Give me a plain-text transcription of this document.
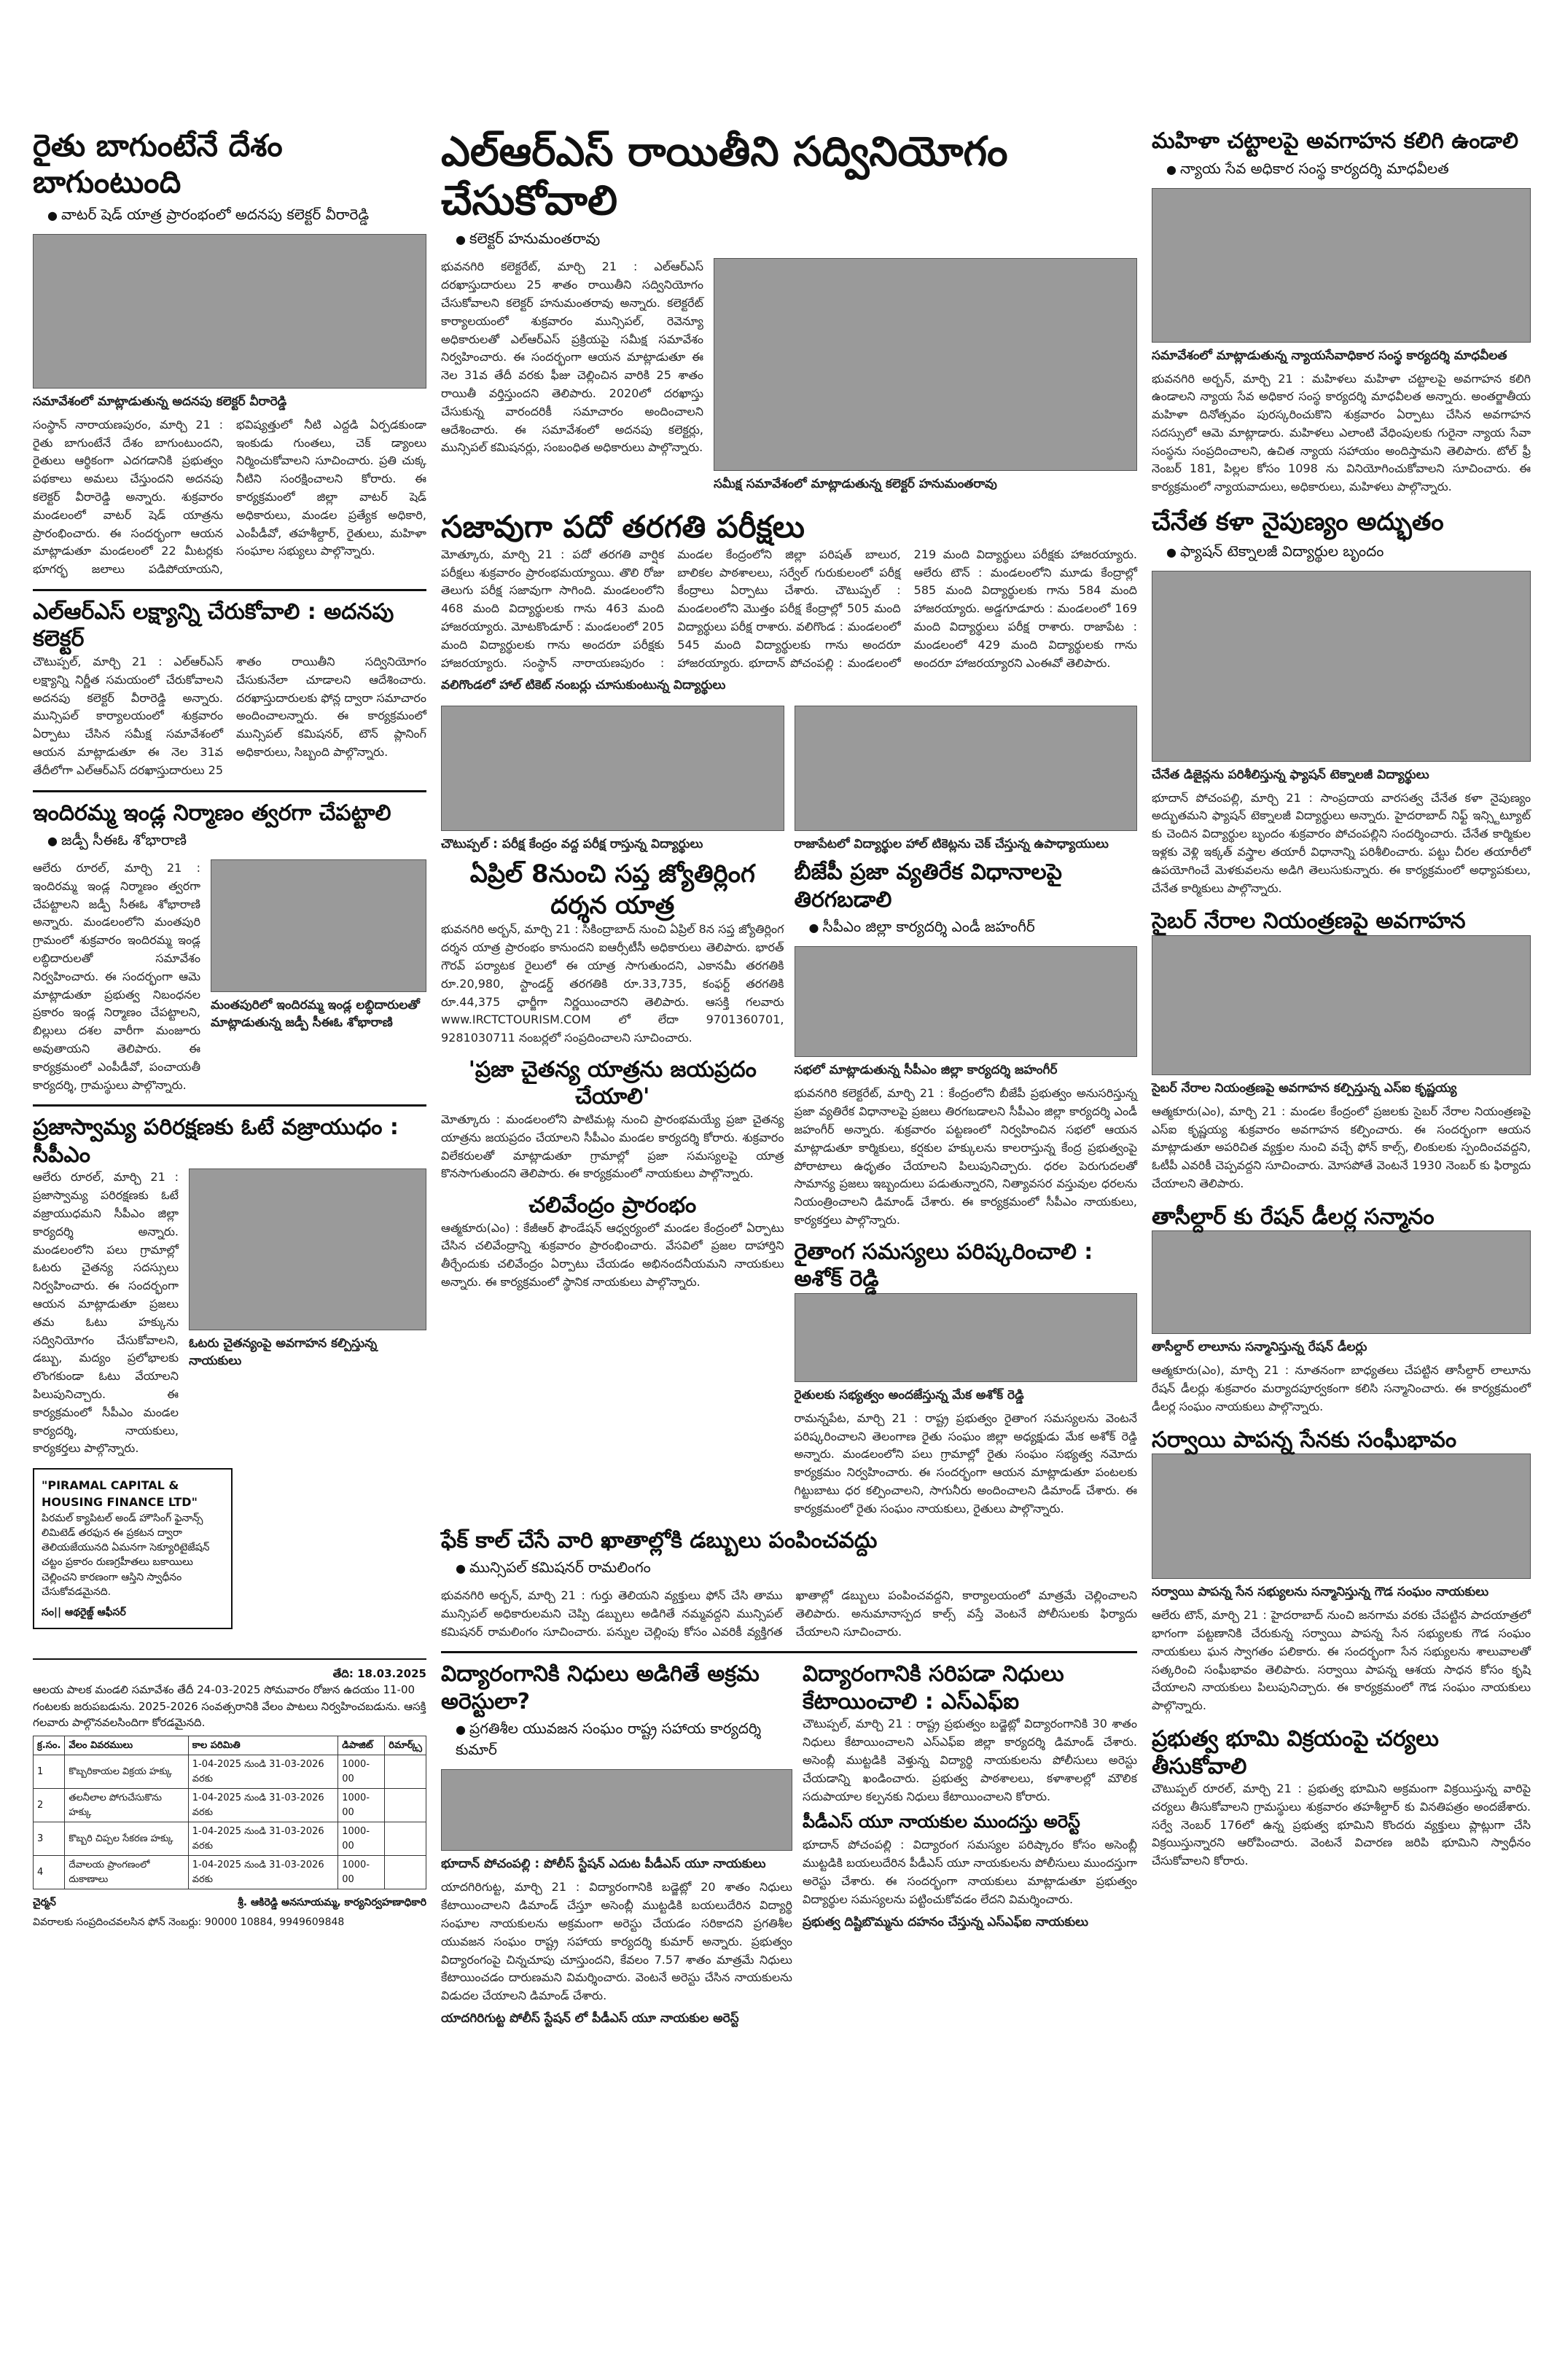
రైతు బాగుంటేనే దేశం బాగుంటుంది
● వాటర్ షెడ్ యాత్ర ప్రారంభంలో అదనపు కలెక్టర్ వీరారెడ్డి
సమావేశంలో మాట్లాడుతున్న అదనపు కలెక్టర్ వీరారెడ్డి
సంస్థాన్ నారాయణపురం, మార్చి 21 : రైతు బాగుంటేనే దేశం బాగుంటుందని, రైతులు ఆర్థికంగా ఎదగడానికి ప్రభుత్వం పథకాలు అమలు చేస్తుందని అదనపు కలెక్టర్ వీరారెడ్డి అన్నారు. శుక్రవారం మండలంలో వాటర్ షెడ్ యాత్రను ప్రారంభించారు. ఈ సందర్భంగా ఆయన మాట్లాడుతూ మండలంలో 22 మీటర్లకు భూగర్భ జలాలు పడిపోయాయని, భవిష్యత్తులో నీటి ఎద్దడి ఏర్పడకుండా ఇంకుడు గుంతలు, చెక్ డ్యాంలు నిర్మించుకోవాలని సూచించారు. ప్రతి చుక్క నీటిని సంరక్షించాలని కోరారు. ఈ కార్యక్రమంలో జిల్లా వాటర్ షెడ్ అధికారులు, మండల ప్రత్యేక అధికారి, ఎంపీడీవో, తహశీల్దార్, రైతులు, మహిళా సంఘాల సభ్యులు పాల్గొన్నారు.
ఎల్ఆర్ఎస్ లక్ష్యాన్ని చేరుకోవాలి : అదనపు కలెక్టర్
చౌటుప్పల్, మార్చి 21 : ఎల్ఆర్ఎస్ లక్ష్యాన్ని నిర్ణీత సమయంలో చేరుకోవాలని అదనపు కలెక్టర్ వీరారెడ్డి అన్నారు. మున్సిపల్ కార్యాలయంలో శుక్రవారం ఏర్పాటు చేసిన సమీక్ష సమావేశంలో ఆయన మాట్లాడుతూ ఈ నెల 31వ తేదీలోగా ఎల్ఆర్ఎస్ దరఖాస్తుదారులు 25 శాతం రాయితీని సద్వినియోగం చేసుకునేలా చూడాలని ఆదేశించారు. దరఖాస్తుదారులకు ఫోన్ల ద్వారా సమాచారం అందించాలన్నారు. ఈ కార్యక్రమంలో మున్సిపల్ కమిషనర్, టౌన్ ప్లానింగ్ అధికారులు, సిబ్బంది పాల్గొన్నారు.
ఇందిరమ్మ ఇండ్ల నిర్మాణం త్వరగా చేపట్టాలి
● జడ్పీ సీఈఓ శోభారాణి
ఆలేరు రూరల్, మార్చి 21 : ఇందిరమ్మ ఇండ్ల నిర్మాణం త్వరగా చేపట్టాలని జడ్పీ సీఈఓ శోభారాణి అన్నారు. మండలంలోని మంతపురి గ్రామంలో శుక్రవారం ఇందిరమ్మ ఇండ్ల లబ్ధిదారులతో సమావేశం నిర్వహించారు. ఈ సందర్భంగా ఆమె మాట్లాడుతూ ప్రభుత్వ నిబంధనల ప్రకారం ఇండ్ల నిర్మాణం చేపట్టాలని, బిల్లులు దశల వారీగా మంజూరు అవుతాయని తెలిపారు. ఈ కార్యక్రమంలో ఎంపీడీవో, పంచాయతీ కార్యదర్శి, గ్రామస్థులు పాల్గొన్నారు.
మంతపురిలో ఇందిరమ్మ ఇండ్ల లబ్ధిదారులతో మాట్లాడుతున్న జడ్పీ సీఈఓ శోభారాణి
ప్రజాస్వామ్య పరిరక్షణకు ఓటే వజ్రాయుధం : సీపీఎం
ఆలేరు రూరల్, మార్చి 21 : ప్రజాస్వామ్య పరిరక్షణకు ఓటే వజ్రాయుధమని సీపీఎం జిల్లా కార్యదర్శి అన్నారు. మండలంలోని పలు గ్రామాల్లో ఓటరు చైతన్య సదస్సులు నిర్వహించారు. ఈ సందర్భంగా ఆయన మాట్లాడుతూ ప్రజలు తమ ఓటు హక్కును సద్వినియోగం చేసుకోవాలని, డబ్బు, మద్యం ప్రలోభాలకు లొంగకుండా ఓటు వేయాలని పిలుపునిచ్చారు. ఈ కార్యక్రమంలో సీపీఎం మండల కార్యదర్శి, నాయకులు, కార్యకర్తలు పాల్గొన్నారు.
ఓటరు చైతన్యంపై అవగాహన కల్పిస్తున్న నాయకులు
"PIRAMAL CAPITAL & HOUSING FINANCE LTD"
పిరమల్ క్యాపిటల్ అండ్ హౌసింగ్ ఫైనాన్స్ లిమిటెడ్ తరఫున ఈ ప్రకటన ద్వారా తెలియజేయునది ఏమనగా సెక్యూరిటైజేషన్ చట్టం ప్రకారం రుణగ్రహీతలు బకాయిలు చెల్లించని కారణంగా ఆస్తిని స్వాధీనం చేసుకోవడమైనది.
సం|| ఆథరైజ్డ్ ఆఫీసర్
తేది: 18.03.2025
ఆలయ పాలక మండలి సమావేశం తేదీ 24-03-2025 సోమవారం రోజున ఉదయం 11-00 గంటలకు జరుపబడును. 2025-2026 సంవత్సరానికి వేలం పాటలు నిర్వహించబడును. ఆసక్తి గలవారు పాల్గొనవలసిందిగా కోరడమైనది.
క్ర.సం.	వేలం వివరములు	కాల పరిమితి	డిపాజిట్	రిమార్క్స్
1	కొబ్బరికాయల విక్రయ హక్కు	1-04-2025 నుండి 31-03-2026 వరకు	1000-00	
2	తలనీలాల పోగుచేసుకొను హక్కు	1-04-2025 నుండి 31-03-2026 వరకు	1000-00	
3	కొబ్బరి చిప్పల సేకరణ హక్కు	1-04-2025 నుండి 31-03-2026 వరకు	1000-00	
4	దేవాలయ ప్రాంగణంలో దుకాణాలు	1-04-2025 నుండి 31-03-2026 వరకు	1000-00	
చైర్మన్	శ్రీ. ఆకిరెడ్డి అనసూయమ్మ, కార్యనిర్వహణాధికారి
వివరాలకు సంప్రదించవలసిన ఫోన్ నెంబర్లు: 90000 10884, 9949609848
ఎల్ఆర్ఎస్ రాయితీని సద్వినియోగం చేసుకోవాలి
● కలెక్టర్ హనుమంతరావు
భువనగిరి కలెక్టరేట్, మార్చి 21 : ఎల్ఆర్ఎస్ దరఖాస్తుదారులు 25 శాతం రాయితీని సద్వినియోగం చేసుకోవాలని కలెక్టర్ హనుమంతరావు అన్నారు. కలెక్టరేట్ కార్యాలయంలో శుక్రవారం మున్సిపల్, రెవెన్యూ అధికారులతో ఎల్ఆర్ఎస్ ప్రక్రియపై సమీక్ష సమావేశం నిర్వహించారు. ఈ సందర్భంగా ఆయన మాట్లాడుతూ ఈ నెల 31వ తేదీ వరకు ఫీజు చెల్లించిన వారికి 25 శాతం రాయితీ వర్తిస్తుందని తెలిపారు. 2020లో దరఖాస్తు చేసుకున్న వారందరికీ సమాచారం అందించాలని ఆదేశించారు. ఈ సమావేశంలో అదనపు కలెక్టర్లు, మున్సిపల్ కమిషనర్లు, సంబంధిత అధికారులు పాల్గొన్నారు.
సమీక్ష సమావేశంలో మాట్లాడుతున్న కలెక్టర్ హనుమంతరావు
సజావుగా పదో తరగతి పరీక్షలు
మోత్కూరు, మార్చి 21 : పదో తరగతి వార్షిక పరీక్షలు శుక్రవారం ప్రారంభమయ్యాయి. తొలి రోజు తెలుగు పరీక్ష సజావుగా సాగింది. మండలంలోని 468 మంది విద్యార్థులకు గాను 463 మంది హాజరయ్యారు. మోటకొండూర్ : మండలంలో 205 మంది విద్యార్థులకు గాను అందరూ పరీక్షకు హాజరయ్యారు. సంస్థాన్ నారాయణపురం : మండల కేంద్రంలోని జిల్లా పరిషత్ బాలుర, బాలికల పాఠశాలలు, సర్వేల్ గురుకులంలో పరీక్ష కేంద్రాలు ఏర్పాటు చేశారు. చౌటుప్పల్ : మండలంలోని మొత్తం పరీక్ష కేంద్రాల్లో 505 మంది విద్యార్థులు పరీక్ష రాశారు. వలిగొండ : మండలంలో 545 మంది విద్యార్థులకు గాను అందరూ హాజరయ్యారు. భూదాన్ పోచంపల్లి : మండలంలో 219 మంది విద్యార్థులు పరీక్షకు హాజరయ్యారు. ఆలేరు టౌన్ : మండలంలోని మూడు కేంద్రాల్లో 585 మంది విద్యార్థులకు గాను 584 మంది హాజరయ్యారు. అడ్డగూడూరు : మండలంలో 169 మంది విద్యార్థులు పరీక్ష రాశారు. రాజాపేట : మండలంలో 429 మంది విద్యార్థులకు గాను అందరూ హాజరయ్యారని ఎంఈవో తెలిపారు.
వలిగొండలో హాల్ టికెట్ నంబర్లు చూసుకుంటున్న విద్యార్థులు
చౌటుప్పల్ : పరీక్ష కేంద్రం వద్ద పరీక్ష రాస్తున్న విద్యార్థులు	రాజాపేటలో విద్యార్థుల హాల్ టికెట్లను చెక్ చేస్తున్న ఉపాధ్యాయులు
ఏప్రిల్ 8నుంచి సప్త జ్యోతిర్లింగ దర్శన యాత్ర
భువనగిరి అర్బన్, మార్చి 21 : సికింద్రాబాద్ నుంచి ఏప్రిల్ 8న సప్త జ్యోతిర్లింగ దర్శన యాత్ర ప్రారంభం కానుందని ఐఆర్సీటీసీ అధికారులు తెలిపారు. భారత్ గౌరవ్ పర్యాటక రైలులో ఈ యాత్ర సాగుతుందని, ఎకానమీ తరగతికి రూ.20,980, స్టాండర్డ్ తరగతికి రూ.33,735, కంఫర్ట్ తరగతికి రూ.44,375 ఛార్జీగా నిర్ణయించారని తెలిపారు. ఆసక్తి గలవారు www.IRCTCTOURISM.COM లో లేదా 9701360701, 9281030711 నంబర్లలో సంప్రదించాలని సూచించారు.
'ప్రజా చైతన్య యాత్రను జయప్రదం చేయాలి'
మోత్కూరు : మండలంలోని పాటిమట్ల నుంచి ప్రారంభమయ్యే ప్రజా చైతన్య యాత్రను జయప్రదం చేయాలని సీపీఎం మండల కార్యదర్శి కోరారు. శుక్రవారం విలేకరులతో మాట్లాడుతూ గ్రామాల్లో ప్రజా సమస్యలపై యాత్ర కొనసాగుతుందని తెలిపారు. ఈ కార్యక్రమంలో నాయకులు పాల్గొన్నారు.
చలివేంద్రం ప్రారంభం
ఆత్మకూరు(ఎం) : కేజీఆర్ ఫౌండేషన్ ఆధ్వర్యంలో మండల కేంద్రంలో ఏర్పాటు చేసిన చలివేంద్రాన్ని శుక్రవారం ప్రారంభించారు. వేసవిలో ప్రజల దాహార్తిని తీర్చేందుకు చలివేంద్రం ఏర్పాటు చేయడం అభినందనీయమని నాయకులు అన్నారు. ఈ కార్యక్రమంలో స్థానిక నాయకులు పాల్గొన్నారు.
బీజేపీ ప్రజా వ్యతిరేక విధానాలపై తిరగబడాలి
● సీపీఎం జిల్లా కార్యదర్శి ఎండీ జహంగీర్
సభలో మాట్లాడుతున్న సీపీఎం జిల్లా కార్యదర్శి జహంగీర్
భువనగిరి కలెక్టరేట్, మార్చి 21 : కేంద్రంలోని బీజేపీ ప్రభుత్వం అనుసరిస్తున్న ప్రజా వ్యతిరేక విధానాలపై ప్రజలు తిరగబడాలని సీపీఎం జిల్లా కార్యదర్శి ఎండీ జహంగీర్ అన్నారు. శుక్రవారం పట్టణంలో నిర్వహించిన సభలో ఆయన మాట్లాడుతూ కార్మికులు, కర్షకుల హక్కులను కాలరాస్తున్న కేంద్ర ప్రభుత్వంపై పోరాటాలు ఉధృతం చేయాలని పిలుపునిచ్చారు. ధరల పెరుగుదలతో సామాన్య ప్రజలు ఇబ్బందులు పడుతున్నారని, నిత్యావసర వస్తువుల ధరలను నియంత్రించాలని డిమాండ్ చేశారు. ఈ కార్యక్రమంలో సీపీఎం నాయకులు, కార్యకర్తలు పాల్గొన్నారు.
రైతాంగ సమస్యలు పరిష్కరించాలి : అశోక్ రెడ్డి
రైతులకు సభ్యత్వం అందజేస్తున్న మేక అశోక్ రెడ్డి
రామన్నపేట, మార్చి 21 : రాష్ట్ర ప్రభుత్వం రైతాంగ సమస్యలను వెంటనే పరిష్కరించాలని తెలంగాణ రైతు సంఘం జిల్లా అధ్యక్షుడు మేక అశోక్ రెడ్డి అన్నారు. మండలంలోని పలు గ్రామాల్లో రైతు సంఘం సభ్యత్వ నమోదు కార్యక్రమం నిర్వహించారు. ఈ సందర్భంగా ఆయన మాట్లాడుతూ పంటలకు గిట్టుబాటు ధర కల్పించాలని, సాగునీరు అందించాలని డిమాండ్ చేశారు. ఈ కార్యక్రమంలో రైతు సంఘం నాయకులు, రైతులు పాల్గొన్నారు.
ఫేక్ కాల్ చేసే వారి ఖాతాల్లోకి డబ్బులు పంపించవద్దు
● మున్సిపల్ కమిషనర్ రామలింగం
భువనగిరి అర్బన్, మార్చి 21 : గుర్తు తెలియని వ్యక్తులు ఫోన్ చేసి తాము మున్సిపల్ అధికారులమని చెప్పి డబ్బులు అడిగితే నమ్మవద్దని మున్సిపల్ కమిషనర్ రామలింగం సూచించారు. పన్నుల చెల్లింపు కోసం ఎవరికీ వ్యక్తిగత ఖాతాల్లో డబ్బులు పంపించవద్దని, కార్యాలయంలో మాత్రమే చెల్లించాలని తెలిపారు. అనుమానాస్పద కాల్స్ వస్తే వెంటనే పోలీసులకు ఫిర్యాదు చేయాలని సూచించారు.
విద్యారంగానికి నిధులు అడిగితే అక్రమ అరెస్టులా?
● ప్రగతిశీల యువజన సంఘం రాష్ట్ర సహాయ కార్యదర్శి కుమార్
భూదాన్ పోచంపల్లి : పోలీస్ స్టేషన్ ఎదుట పీడీఎస్ యూ నాయకులు
యాదగిరిగుట్ట, మార్చి 21 : విద్యారంగానికి బడ్జెట్లో 20 శాతం నిధులు కేటాయించాలని డిమాండ్ చేస్తూ అసెంబ్లీ ముట్టడికి బయలుదేరిన విద్యార్థి సంఘాల నాయకులను అక్రమంగా అరెస్టు చేయడం సరికాదని ప్రగతిశీల యువజన సంఘం రాష్ట్ర సహాయ కార్యదర్శి కుమార్ అన్నారు. ప్రభుత్వం విద్యారంగంపై చిన్నచూపు చూస్తుందని, కేవలం 7.57 శాతం మాత్రమే నిధులు కేటాయించడం దారుణమని విమర్శించారు. వెంటనే అరెస్టు చేసిన నాయకులను విడుదల చేయాలని డిమాండ్ చేశారు.
యాదగిరిగుట్ట పోలీస్ స్టేషన్ లో పీడీఎస్ యూ నాయకుల అరెస్ట్
విద్యారంగానికి సరిపడా నిధులు కేటాయించాలి : ఎస్ఎఫ్ఐ
చౌటుప్పల్, మార్చి 21 : రాష్ట్ర ప్రభుత్వం బడ్జెట్లో విద్యారంగానికి 30 శాతం నిధులు కేటాయించాలని ఎస్ఎఫ్ఐ జిల్లా కార్యదర్శి డిమాండ్ చేశారు. అసెంబ్లీ ముట్టడికి వెళ్తున్న విద్యార్థి నాయకులను పోలీసులు అరెస్టు చేయడాన్ని ఖండించారు. ప్రభుత్వ పాఠశాలలు, కళాశాలల్లో మౌలిక సదుపాయాల కల్పనకు నిధులు కేటాయించాలని కోరారు.
పీడీఎస్ యూ నాయకుల ముందస్తు అరెస్ట్
భూదాన్ పోచంపల్లి : విద్యారంగ సమస్యల పరిష్కారం కోసం అసెంబ్లీ ముట్టడికి బయలుదేరిన పీడీఎస్ యూ నాయకులను పోలీసులు ముందస్తుగా అరెస్టు చేశారు. ఈ సందర్భంగా నాయకులు మాట్లాడుతూ ప్రభుత్వం విద్యార్థుల సమస్యలను పట్టించుకోవడం లేదని విమర్శించారు.
ప్రభుత్వ దిష్టిబొమ్మను దహనం చేస్తున్న ఎస్ఎఫ్ఐ నాయకులు
మహిళా చట్టాలపై అవగాహన కలిగి ఉండాలి
● న్యాయ సేవ అధికార సంస్థ కార్యదర్శి మాధవీలత
సమావేశంలో మాట్లాడుతున్న న్యాయసేవాధికార సంస్థ కార్యదర్శి మాధవీలత
భువనగిరి అర్బన్, మార్చి 21 : మహిళలు మహిళా చట్టాలపై అవగాహన కలిగి ఉండాలని న్యాయ సేవ అధికార సంస్థ కార్యదర్శి మాధవీలత అన్నారు. అంతర్జాతీయ మహిళా దినోత్సవం పురస్కరించుకొని శుక్రవారం ఏర్పాటు చేసిన అవగాహన సదస్సులో ఆమె మాట్లాడారు. మహిళలు ఎలాంటి వేధింపులకు గురైనా న్యాయ సేవా సంస్థను సంప్రదించాలని, ఉచిత న్యాయ సహాయం అందిస్తామని తెలిపారు. టోల్ ఫ్రీ నెంబర్ 181, పిల్లల కోసం 1098 ను వినియోగించుకోవాలని సూచించారు. ఈ కార్యక్రమంలో న్యాయవాదులు, అధికారులు, మహిళలు పాల్గొన్నారు.
చేనేత కళా నైపుణ్యం అద్భుతం
● ఫ్యాషన్ టెక్నాలజీ విద్యార్థుల బృందం
చేనేత డిజైన్లను పరిశీలిస్తున్న ఫ్యాషన్ టెక్నాలజీ విద్యార్థులు
భూదాన్ పోచంపల్లి, మార్చి 21 : సాంప్రదాయ వారసత్వ చేనేత కళా నైపుణ్యం అద్భుతమని ఫ్యాషన్ టెక్నాలజీ విద్యార్థులు అన్నారు. హైదరాబాద్ నిఫ్ట్ ఇన్స్టిట్యూట్ కు చెందిన విద్యార్థుల బృందం శుక్రవారం పోచంపల్లిని సందర్శించారు. చేనేత కార్మికుల ఇళ్లకు వెళ్లి ఇక్కత్ వస్త్రాల తయారీ విధానాన్ని పరిశీలించారు. పట్టు చీరల తయారీలో ఉపయోగించే మెళకువలను అడిగి తెలుసుకున్నారు. ఈ కార్యక్రమంలో అధ్యాపకులు, చేనేత కార్మికులు పాల్గొన్నారు.
సైబర్ నేరాల నియంత్రణపై అవగాహన
సైబర్ నేరాల నియంత్రణపై అవగాహన కల్పిస్తున్న ఎస్ఐ కృష్ణయ్య
ఆత్మకూరు(ఎం), మార్చి 21 : మండల కేంద్రంలో ప్రజలకు సైబర్ నేరాల నియంత్రణపై ఎస్ఐ కృష్ణయ్య శుక్రవారం అవగాహన కల్పించారు. ఈ సందర్భంగా ఆయన మాట్లాడుతూ అపరిచిత వ్యక్తుల నుంచి వచ్చే ఫోన్ కాల్స్, లింకులకు స్పందించవద్దని, ఓటీపీ ఎవరికీ చెప్పవద్దని సూచించారు. మోసపోతే వెంటనే 1930 నెంబర్ కు ఫిర్యాదు చేయాలని తెలిపారు.
తాసీల్దార్ కు రేషన్ డీలర్ల సన్మానం
తాసీల్దార్ లాలూను సన్మానిస్తున్న రేషన్ డీలర్లు
ఆత్మకూరు(ఎం), మార్చి 21 : నూతనంగా బాధ్యతలు చేపట్టిన తాసీల్దార్ లాలూను రేషన్ డీలర్లు శుక్రవారం మర్యాదపూర్వకంగా కలిసి సన్మానించారు. ఈ కార్యక్రమంలో డీలర్ల సంఘం నాయకులు పాల్గొన్నారు.
సర్వాయి పాపన్న సేనకు సంఘీభావం
సర్వాయి పాపన్న సేన సభ్యులను సన్మానిస్తున్న గౌడ సంఘం నాయకులు
ఆలేరు టౌన్, మార్చి 21 : హైదరాబాద్ నుంచి జనగామ వరకు చేపట్టిన పాదయాత్రలో భాగంగా పట్టణానికి చేరుకున్న సర్వాయి పాపన్న సేన సభ్యులకు గౌడ సంఘం నాయకులు ఘన స్వాగతం పలికారు. ఈ సందర్భంగా సేన సభ్యులను శాలువాలతో సత్కరించి సంఘీభావం తెలిపారు. సర్వాయి పాపన్న ఆశయ సాధన కోసం కృషి చేయాలని నాయకులు పిలుపునిచ్చారు. ఈ కార్యక్రమంలో గౌడ సంఘం నాయకులు పాల్గొన్నారు.
ప్రభుత్వ భూమి విక్రయంపై చర్యలు తీసుకోవాలి
చౌటుప్పల్ రూరల్, మార్చి 21 : ప్రభుత్వ భూమిని అక్రమంగా విక్రయిస్తున్న వారిపై చర్యలు తీసుకోవాలని గ్రామస్థులు శుక్రవారం తహశీల్దార్ కు వినతిపత్రం అందజేశారు. సర్వే నెంబర్ 176లో ఉన్న ప్రభుత్వ భూమిని కొందరు వ్యక్తులు ప్లాట్లుగా చేసి విక్రయిస్తున్నారని ఆరోపించారు. వెంటనే విచారణ జరిపి భూమిని స్వాధీనం చేసుకోవాలని కోరారు.
